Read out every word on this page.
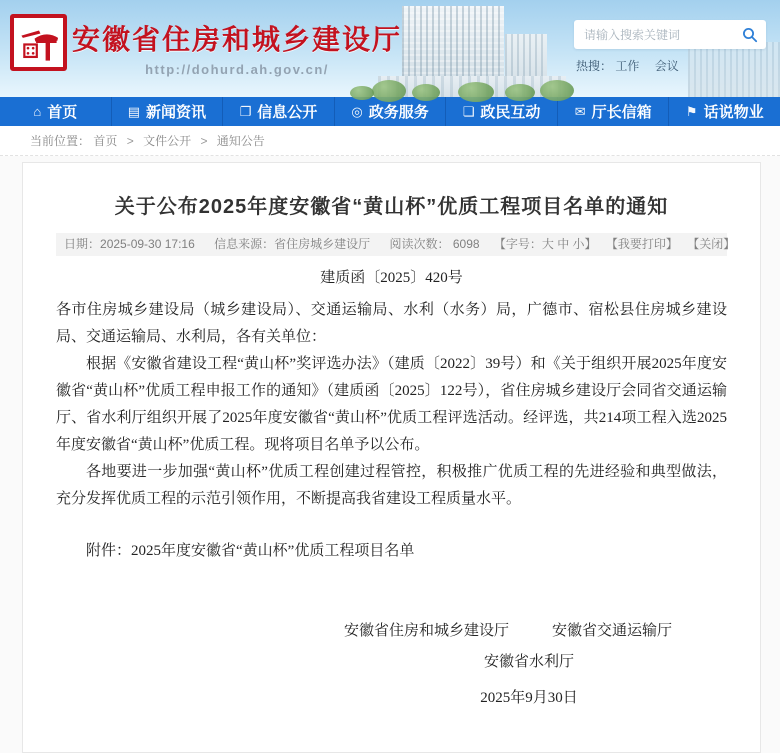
安徽省住房和城乡建设厅
http://dohurd.ah.gov.cn/
请输入搜索关键词	热搜： 工作 会议
⌂ 首页	▤ 新闻资讯	❐ 信息公开	◎ 政务服务	❏ 政民互动	✉ 厅长信箱	⚑ 话说物业
当前位置： 首页 > 文件公开 > 通知公告
关于公布2025年度安徽省“黄山杯”优质工程项目名单的通知
日期：2025-09-30 17:16 信息来源：省住房城乡建设厅 阅读次数： 6098 【字号：大 中 小】 【我要打印】 【关闭】
建质函〔2025〕420号
各市住房城乡建设局（城乡建设局）、交通运输局、水利（水务）局，广德市、宿松县住房城乡建设局、交通运输局、水利局，各有关单位：
根据《安徽省建设工程“黄山杯”奖评选办法》（建质〔2022〕39号）和《关于组织开展2025年度安徽省“黄山杯”优质工程申报工作的通知》（建质函〔2025〕122号），省住房城乡建设厅会同省交通运输厅、省水利厅组织开展了2025年度安徽省“黄山杯”优质工程评选活动。经评选，共214项工程入选2025年度安徽省“黄山杯”优质工程。现将项目名单予以公布。
各地要进一步加强“黄山杯”优质工程创建过程管控，积极推广优质工程的先进经验和典型做法，充分发挥优质工程的示范引领作用，不断提高我省建设工程质量水平。
附件：2025年度安徽省“黄山杯”优质工程项目名单
安徽省住房和城乡建设厅	安徽省交通运输厅
安徽省水利厅
2025年9月30日
